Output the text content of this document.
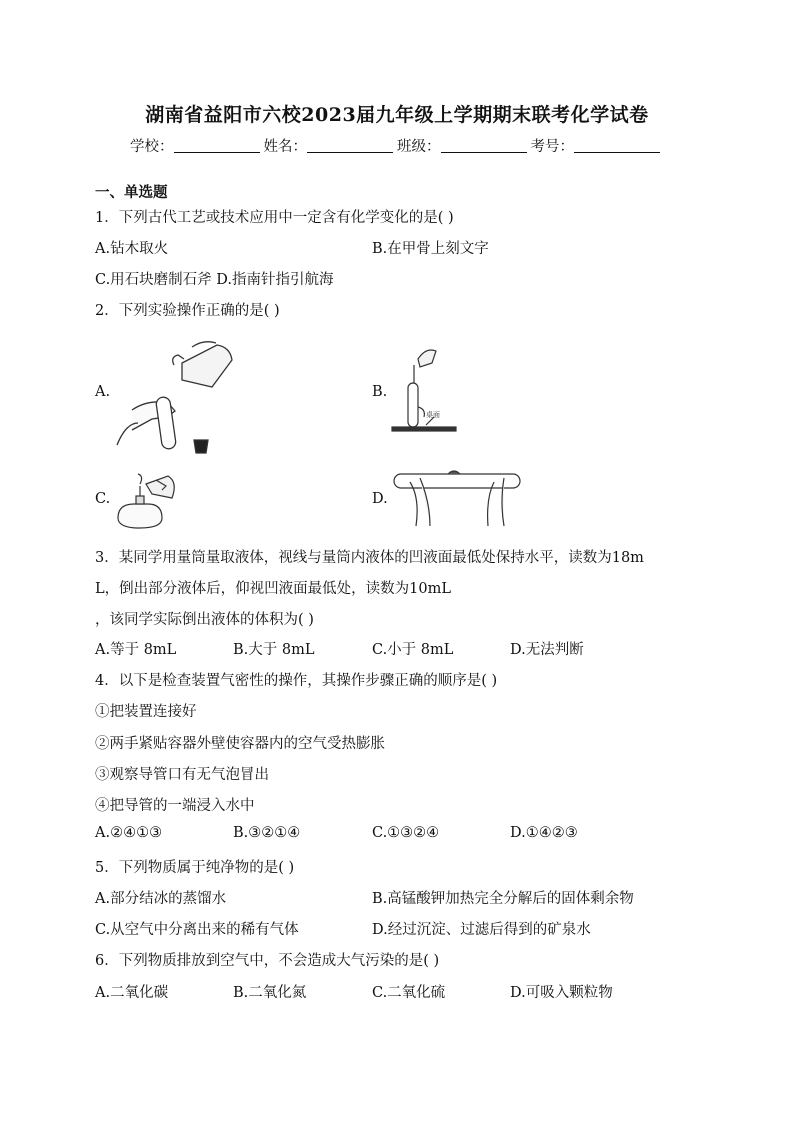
湖南省益阳市六校2023届九年级上学期期末联考化学试卷
学校：	姓名：	班级：	考号：
一、单选题
1．下列古代工艺或技术应用中一定含有化学变化的是( )
A.钻木取火	B.在甲骨上刻文字
C.用石块磨制石斧 D.指南针指引航海
2．下列实验操作正确的是( )
A.	B.
桌面
C.	D.
3．某同学用量筒量取液体，视线与量筒内液体的凹液面最低处保持水平，读数为18m
L，倒出部分液体后，仰视凹液面最低处，读数为10mL
，该同学实际倒出液体的体积为( )
A.等于 8mL	B.大于 8mL	C.小于 8mL	D.无法判断
4．以下是检查装置气密性的操作，其操作步骤正确的顺序是( )
①把装置连接好
②两手紧贴容器外壁使容器内的空气受热膨胀
③观察导管口有无气泡冒出
④把导管的一端浸入水中
A.②④①③	B.③②①④	C.①③②④	D.①④②③
5．下列物质属于纯净物的是( )
A.部分结冰的蒸馏水	B.高锰酸钾加热完全分解后的固体剩余物
C.从空气中分离出来的稀有气体	D.经过沉淀、过滤后得到的矿泉水
6．下列物质排放到空气中，不会造成大气污染的是( )
A.二氧化碳	B.二氧化氮	C.二氧化硫	D.可吸入颗粒物
